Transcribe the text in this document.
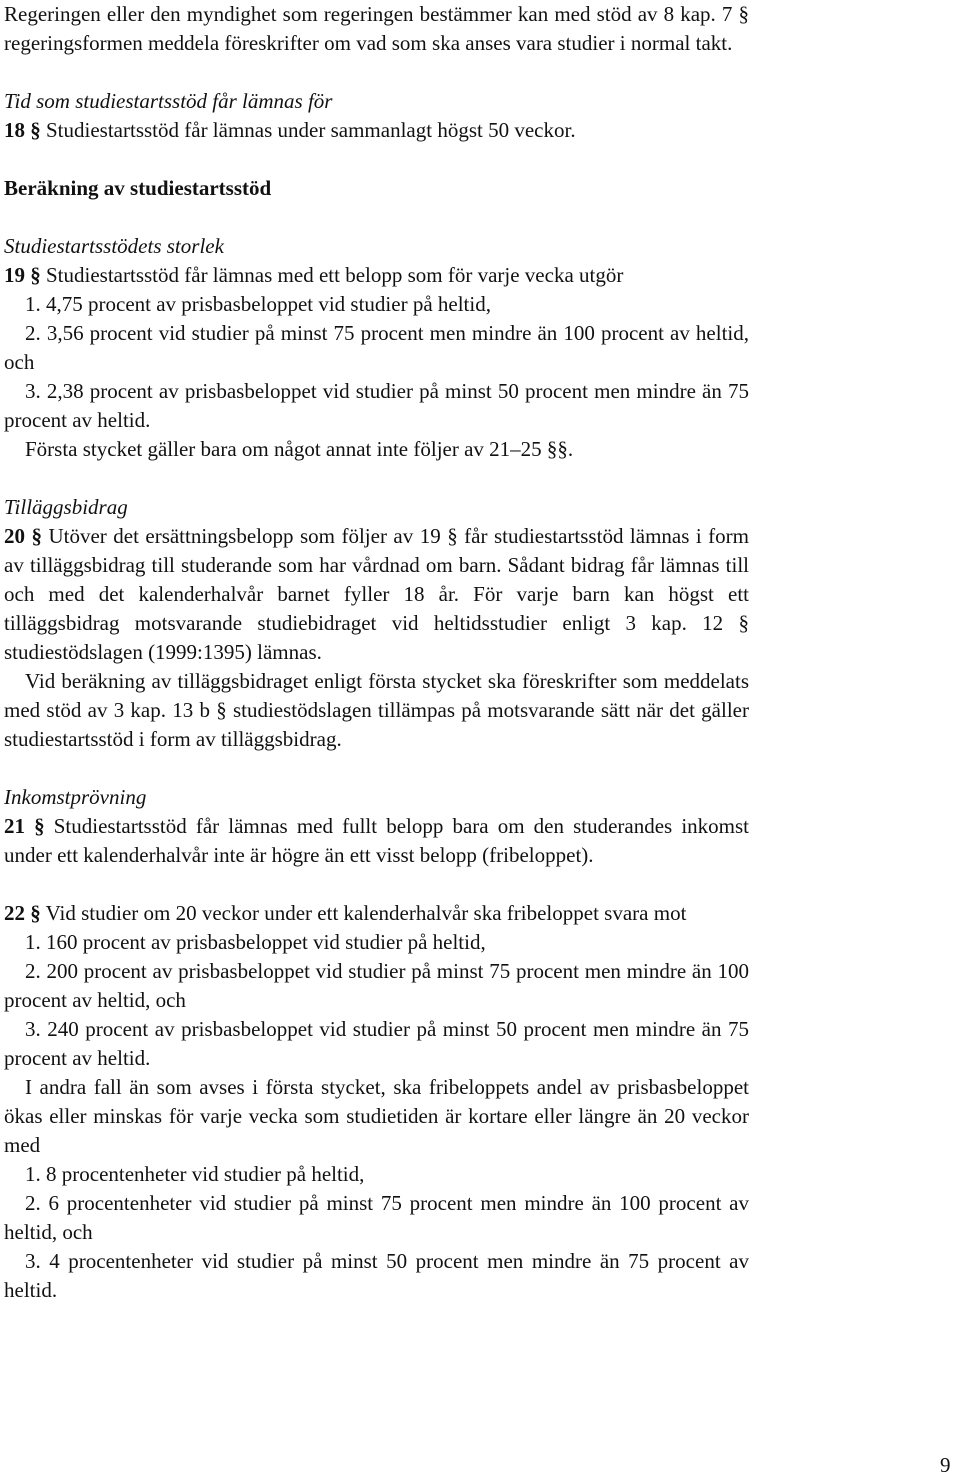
Regeringen eller den myndighet som regeringen bestämmer kan med stöd av 8 kap. 7 § regeringsformen meddela föreskrifter om vad som ska anses vara studier i normal takt.

Tid som studiestartsstöd får lämnas för

18 § Studiestartsstöd får lämnas under sammanlagt högst 50 veckor.

Beräkning av studiestartsstöd

Studiestartsstödets storlek

19 § Studiestartsstöd får lämnas med ett belopp som för varje vecka utgör

1. 4,75 procent av prisbasbeloppet vid studier på heltid,

2. 3,56 procent vid studier på minst 75 procent men mindre än 100 procent av heltid, och

3. 2,38 procent av prisbasbeloppet vid studier på minst 50 procent men mindre än 75 procent av heltid.

Första stycket gäller bara om något annat inte följer av 21–25 §§.

Tilläggsbidrag

20 § Utöver det ersättningsbelopp som följer av 19 § får studiestartsstöd lämnas i form av tilläggsbidrag till studerande som har vårdnad om barn. Sådant bidrag får lämnas till och med det kalenderhalvår barnet fyller 18 år. För varje barn kan högst ett tilläggsbidrag motsvarande studiebidraget vid heltidsstudier enligt 3 kap. 12 § studiestödslagen (1999:1395) lämnas.

Vid beräkning av tilläggsbidraget enligt första stycket ska föreskrifter som meddelats med stöd av 3 kap. 13 b § studiestödslagen tillämpas på motsvarande sätt när det gäller studiestartsstöd i form av tilläggsbidrag.

Inkomstprövning

21 § Studiestartsstöd får lämnas med fullt belopp bara om den studerandes inkomst under ett kalenderhalvår inte är högre än ett visst belopp (fribeloppet).

22 § Vid studier om 20 veckor under ett kalenderhalvår ska fribeloppet svara mot

1. 160 procent av prisbasbeloppet vid studier på heltid,

2. 200 procent av prisbasbeloppet vid studier på minst 75 procent men mindre än 100 procent av heltid, och

3. 240 procent av prisbasbeloppet vid studier på minst 50 procent men mindre än 75 procent av heltid.

I andra fall än som avses i första stycket, ska fribeloppets andel av prisbasbeloppet ökas eller minskas för varje vecka som studietiden är kortare eller längre än 20 veckor med

1. 8 procentenheter vid studier på heltid,

2. 6 procentenheter vid studier på minst 75 procent men mindre än 100 procent av heltid, och

3. 4 procentenheter vid studier på minst 50 procent men mindre än 75 procent av heltid.

9
